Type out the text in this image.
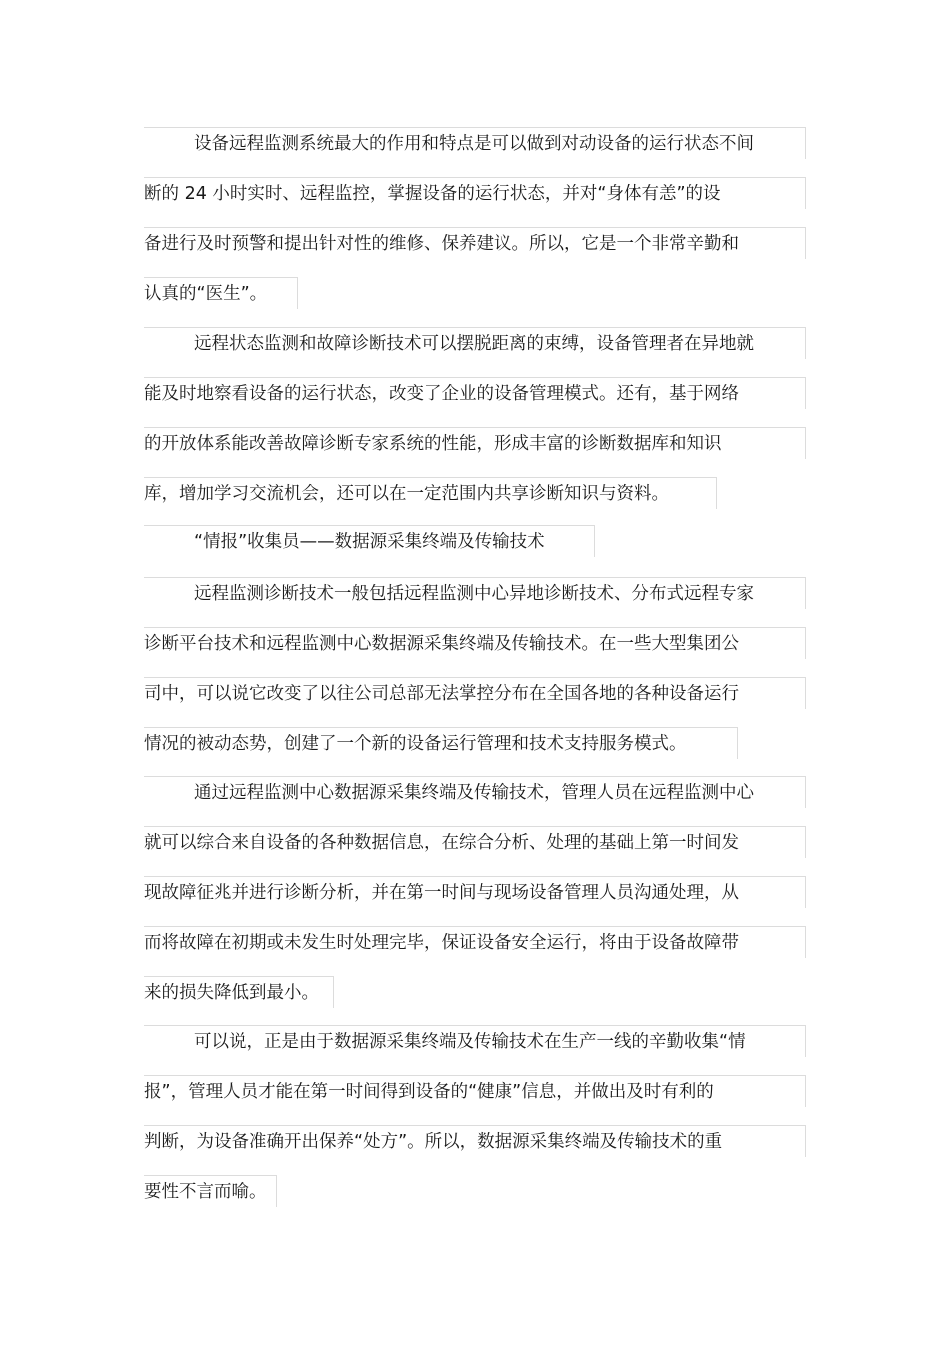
设备远程监测系统最大的作用和特点是可以做到对动设备的运行状态不间
断的 24 小时实时、远程监控，掌握设备的运行状态，并对“身体有恙”的设
备进行及时预警和提出针对性的维修、保养建议。所以，它是一个非常辛勤和
认真的“医生”。
远程状态监测和故障诊断技术可以摆脱距离的束缚，设备管理者在异地就
能及时地察看设备的运行状态，改变了企业的设备管理模式。还有，基于网络
的开放体系能改善故障诊断专家系统的性能，形成丰富的诊断数据库和知识
库，增加学习交流机会，还可以在一定范围内共享诊断知识与资料。
“情报”收集员——数据源采集终端及传输技术
远程监测诊断技术一般包括远程监测中心异地诊断技术、分布式远程专家
诊断平台技术和远程监测中心数据源采集终端及传输技术。在一些大型集团公
司中，可以说它改变了以往公司总部无法掌控分布在全国各地的各种设备运行
情况的被动态势，创建了一个新的设备运行管理和技术支持服务模式。
通过远程监测中心数据源采集终端及传输技术，管理人员在远程监测中心
就可以综合来自设备的各种数据信息，在综合分析、处理的基础上第一时间发
现故障征兆并进行诊断分析，并在第一时间与现场设备管理人员沟通处理，从
而将故障在初期或未发生时处理完毕，保证设备安全运行，将由于设备故障带
来的损失降低到最小。
可以说，正是由于数据源采集终端及传输技术在生产一线的辛勤收集“情
报”，管理人员才能在第一时间得到设备的“健康”信息，并做出及时有利的
判断，为设备准确开出保养“处方”。所以，数据源采集终端及传输技术的重
要性不言而喻。
